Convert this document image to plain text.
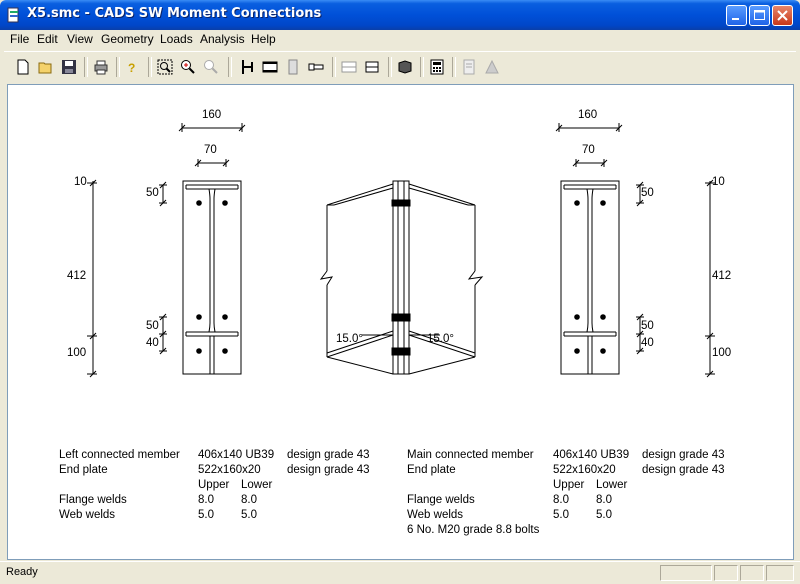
X5.smc - CADS SW Moment Connections
File Edit View Geometry Loads Analysis Help
?
160
70
10
50
412
50
40
100
15.0°	15.0°
160
70
10
50
412
50
40
100
Left connected member 406x140 UB39 design grade 43
End plate	522x160x20 design grade 43
Upper Lower
Flange welds	8.0 8.0
Web welds	5.0 5.0
Main connected member 406x140 UB39 design grade 43
End plate	522x160x20 design grade 43
Upper Lower
Flange welds	8.0 8.0
Web welds	5.0 5.0
6 No. M20 grade 8.8 bolts
Ready
